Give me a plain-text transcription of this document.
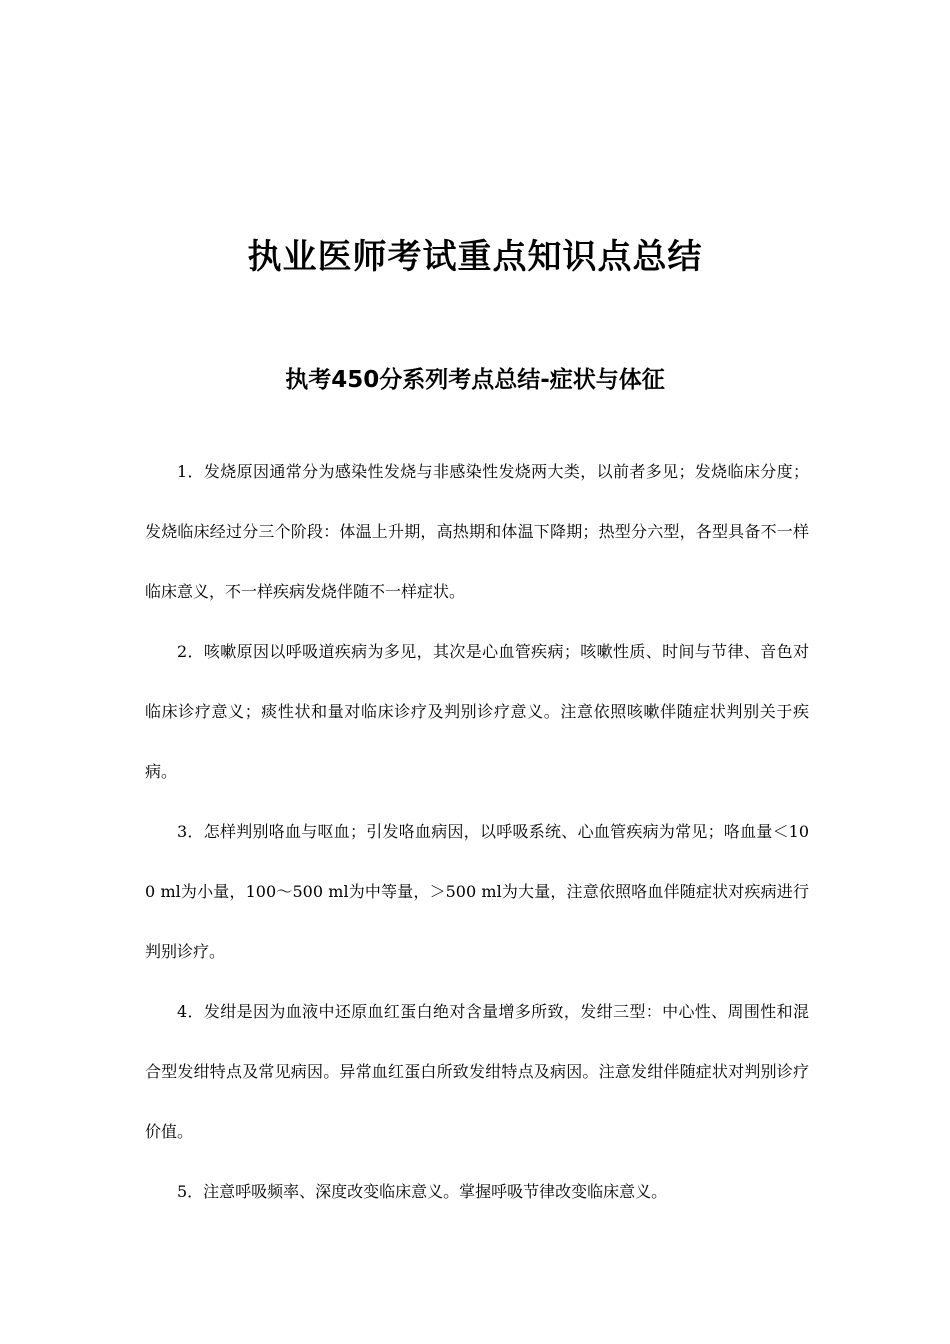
执业医师考试重点知识点总结
执考450分系列考点总结-症状与体征

1．发烧原因通常分为感染性发烧与非感染性发烧两大类，以前者多见；发烧临床分度；发烧临床经过分三个阶段：体温上升期，高热期和体温下降期；热型分六型，各型具备不一样临床意义，不一样疾病发烧伴随不一样症状。

2．咳嗽原因以呼吸道疾病为多见，其次是心血管疾病；咳嗽性质、时间与节律、音色对临床诊疗意义；痰性状和量对临床诊疗及判别诊疗意义。注意依照咳嗽伴随症状判别关于疾病。

3．怎样判别咯血与呕血；引发咯血病因，以呼吸系统、心血管疾病为常见；咯血量＜100 ml为小量，100～500 ml为中等量，＞500 ml为大量，注意依照咯血伴随症状对疾病进行判别诊疗。

4．发绀是因为血液中还原血红蛋白绝对含量增多所致，发绀三型：中心性、周围性和混合型发绀特点及常见病因。异常血红蛋白所致发绀特点及病因。注意发绀伴随症状对判别诊疗价值。

5．注意呼吸频率、深度改变临床意义。掌握呼吸节律改变临床意义。
